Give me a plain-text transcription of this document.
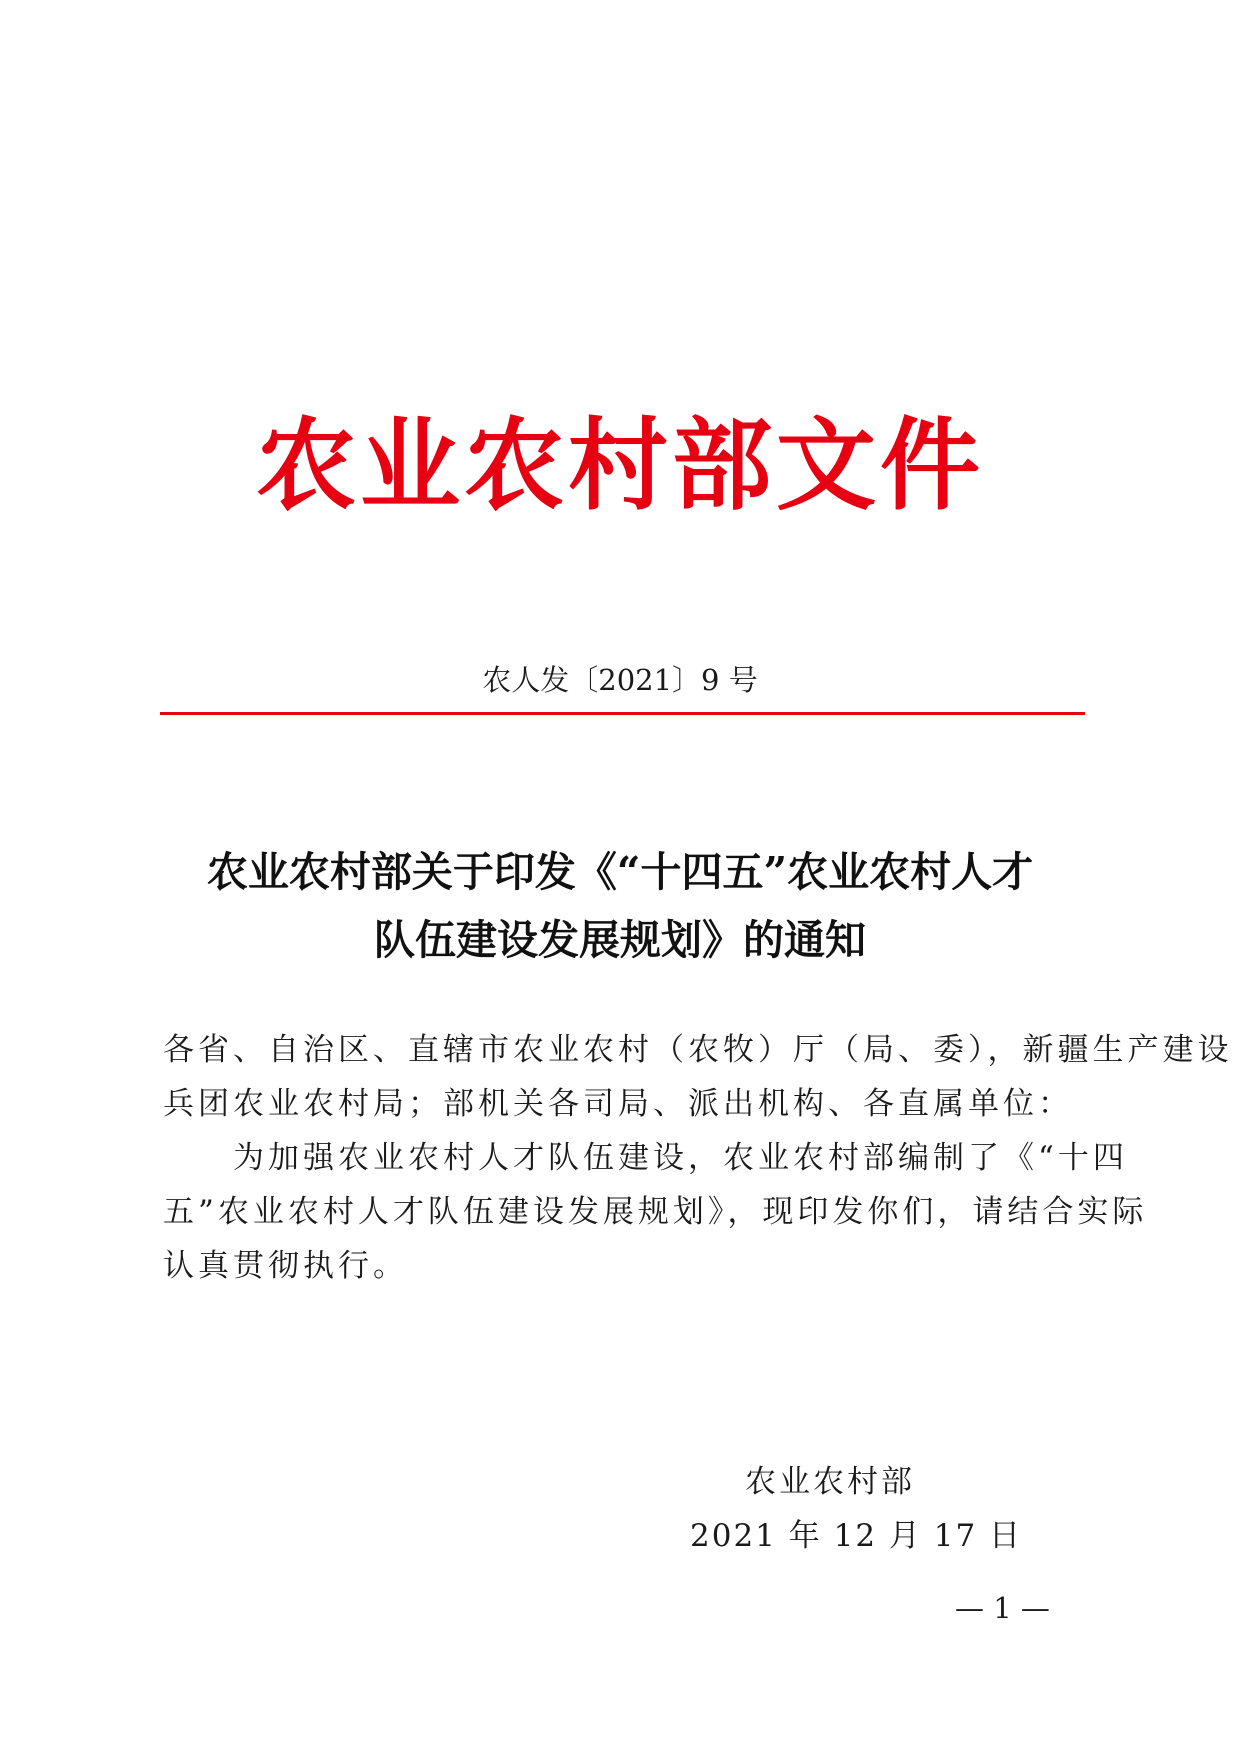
农业农村部文件
农人发〔2021〕9 号
农业农村部关于印发《“十四五”农业农村人才
队伍建设发展规划》的通知
各省、自治区、直辖市农业农村（农牧）厅（局、委），新疆生产建设
兵团农业农村局；部机关各司局、派出机构、各直属单位：
　　为加强农业农村人才队伍建设，农业农村部编制了《“十四
五”农业农村人才队伍建设发展规划》，现印发你们，请结合实际
认真贯彻执行。
农业农村部
2021 年 12 月 17 日
— 1 —
